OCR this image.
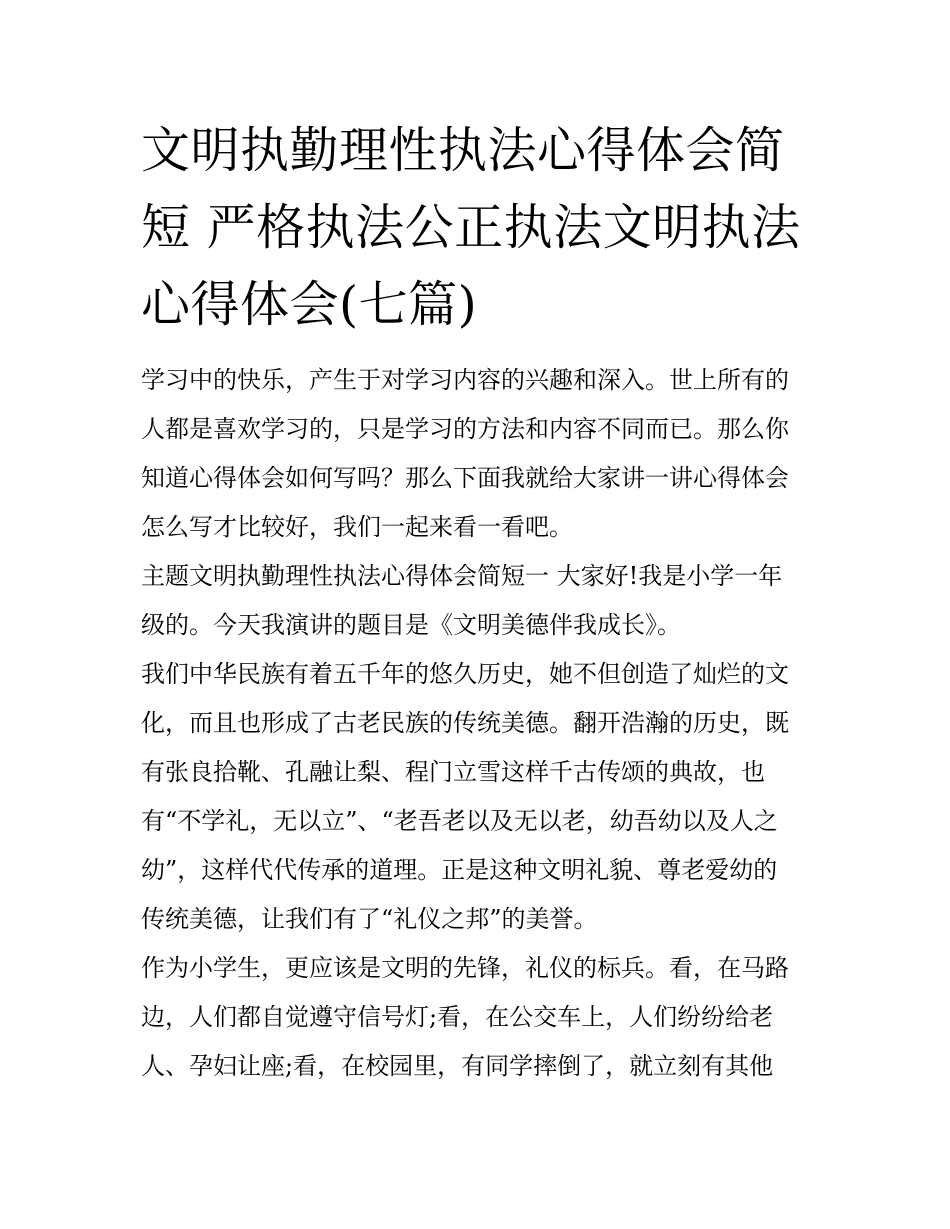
文明执勤理性执法心得体会简
短 严格执法公正执法文明执法
心得体会(七篇)

学习中的快乐，产生于对学习内容的兴趣和深入。世上所有的
人都是喜欢学习的，只是学习的方法和内容不同而已。那么你
知道心得体会如何写吗？那么下面我就给大家讲一讲心得体会
怎么写才比较好，我们一起来看一看吧。

主题文明执勤理性执法心得体会简短一 大家好!我是小学一年
级的。今天我演讲的题目是《文明美德伴我成长》。

我们中华民族有着五千年的悠久历史，她不但创造了灿烂的文
化，而且也形成了古老民族的传统美德。翻开浩瀚的历史，既
有张良拾靴、孔融让梨、程门立雪这样千古传颂的典故，也
有“不学礼，无以立”、“老吾老以及无以老，幼吾幼以及人之
幼”，这样代代传承的道理。正是这种文明礼貌、尊老爱幼的
传统美德，让我们有了“礼仪之邦”的美誉。

作为小学生，更应该是文明的先锋，礼仪的标兵。看，在马路
边，人们都自觉遵守信号灯;看，在公交车上，人们纷纷给老
人、孕妇让座;看，在校园里，有同学摔倒了，就立刻有其他
